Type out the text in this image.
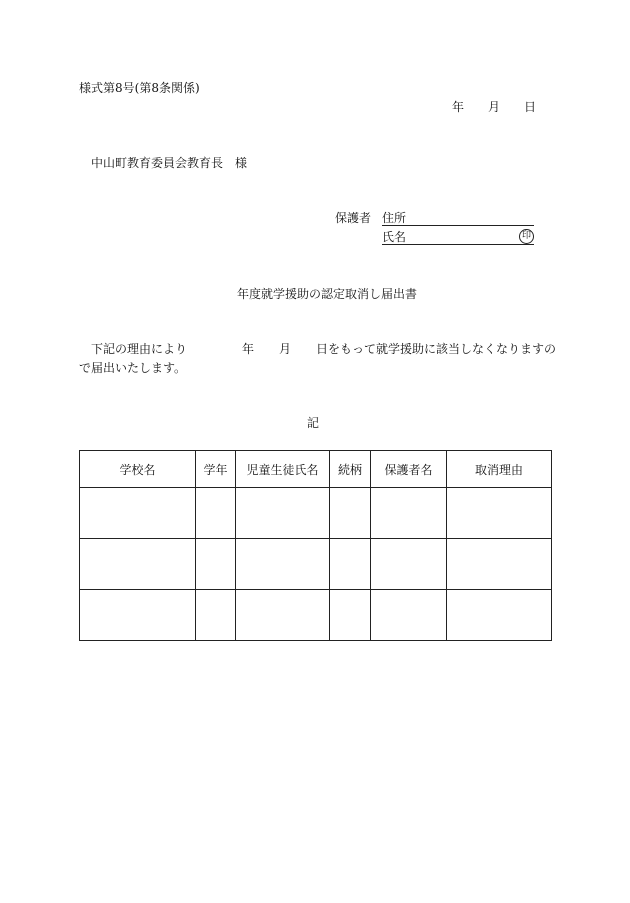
様式第8号(第8条関係)
年 月 日
中山町教育委員会教育長　様
保護者 住所
氏名	印
年度就学援助の認定取消し届出書
下記の理由により	年 月 日をもって就学援助に該当しなくなりますの
で届出いたします。
記
学校名	学年	児童生徒氏名	続柄	保護者名	取消理由
